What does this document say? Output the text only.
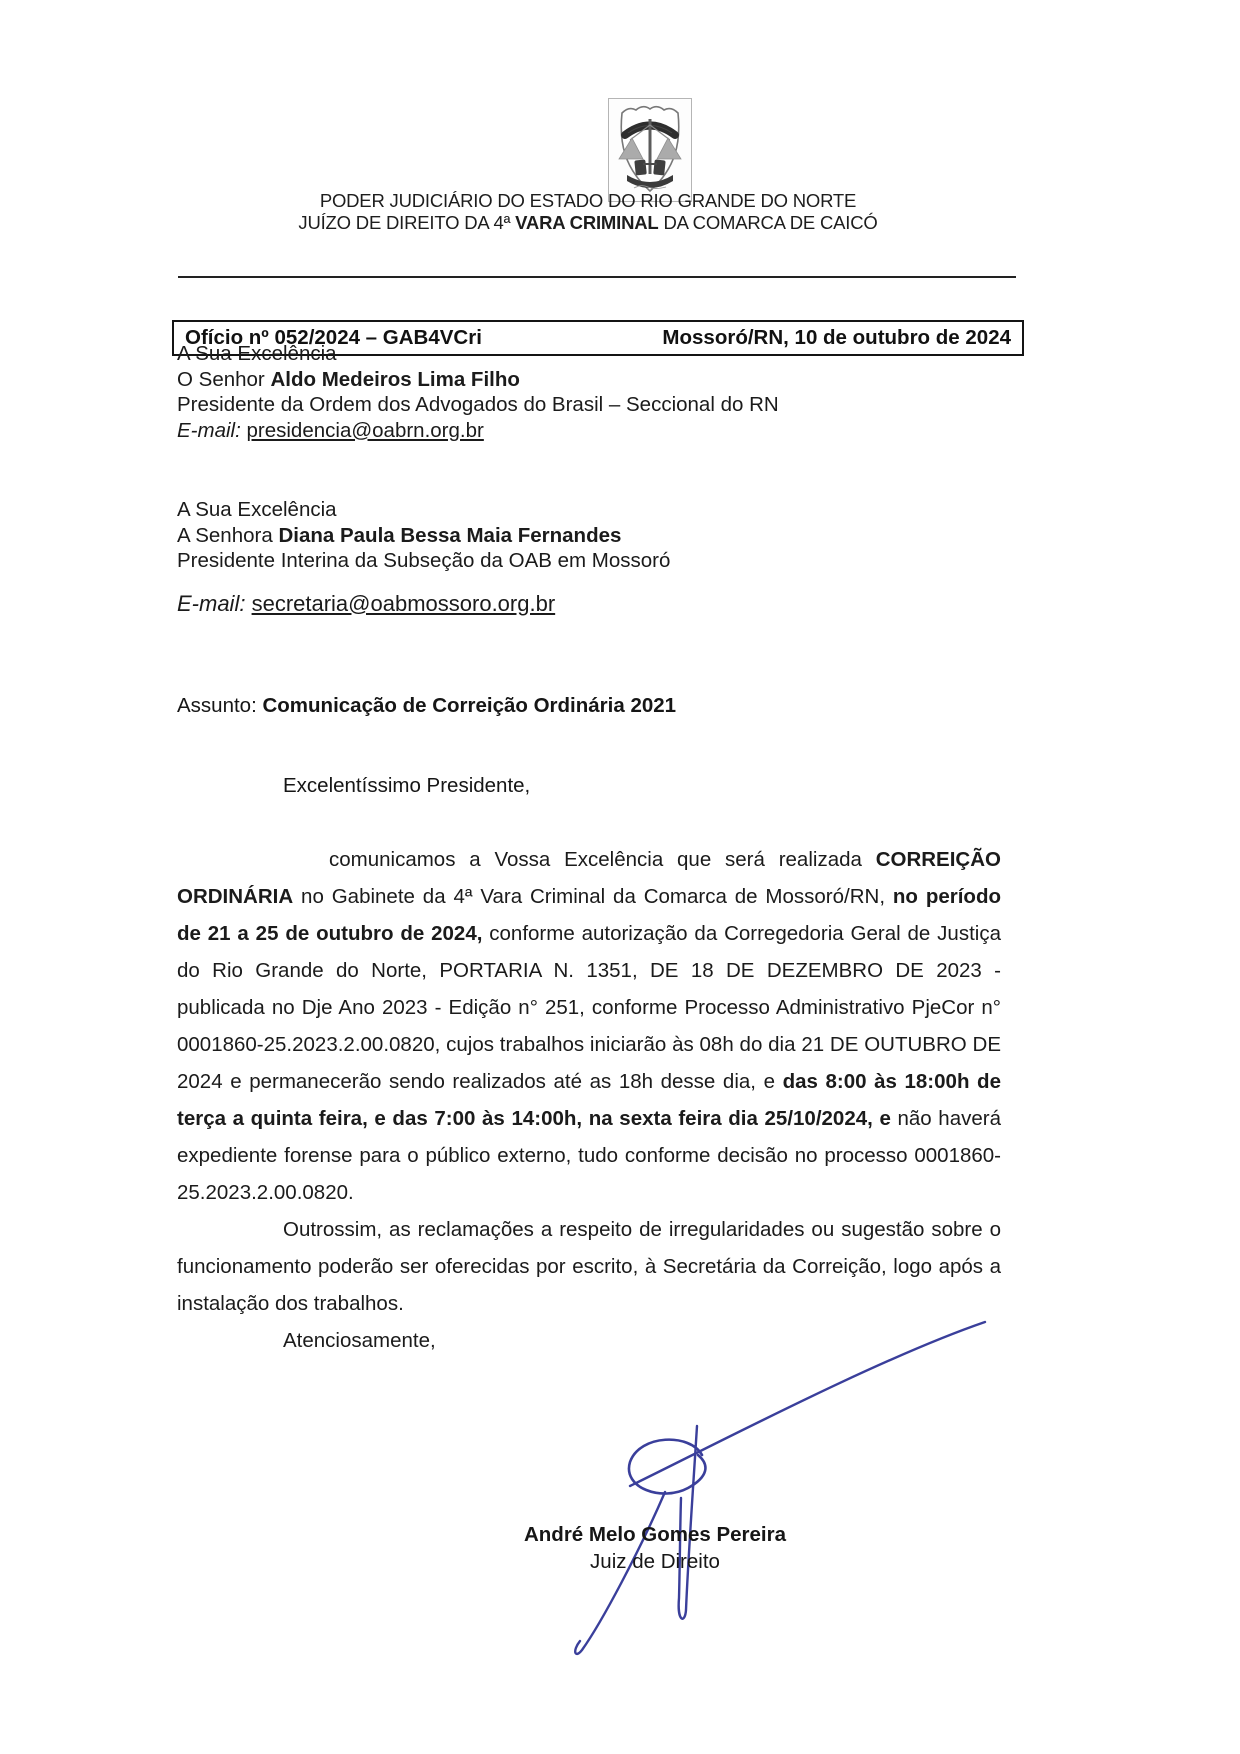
PODER JUDICIÁRIO DO ESTADO DO RIO GRANDE DO NORTE
JUÍZO DE DIREITO DA 4ª VARA CRIMINAL DA COMARCA DE CAICÓ
Ofício nº 052/2024 – GAB4VCri	Mossoró/RN, 10 de outubro de 2024
A Sua Excelência
O Senhor Aldo Medeiros Lima Filho
Presidente da Ordem dos Advogados do Brasil – Seccional do RN
E-mail: presidencia@oabrn.org.br
A Sua Excelência
A Senhora Diana Paula Bessa Maia Fernandes
Presidente Interina da Subseção da OAB em Mossoró
E-mail: secretaria@oabmossoro.org.br
Assunto: Comunicação de Correição Ordinária 2021
Excelentíssimo Presidente,

comunicamos a Vossa Excelência que será realizada CORREIÇÃO ORDINÁRIA no Gabinete da 4ª Vara Criminal da Comarca de Mossoró/RN, no período de 21 a 25 de outubro de 2024, conforme autorização da Corregedoria Geral de Justiça do Rio Grande do Norte, PORTARIA N. 1351, DE 18 DE DEZEMBRO DE 2023 - publicada no Dje Ano 2023 - Edição n° 251, conforme Processo Administrativo PjeCor n° 0001860-25.2023.2.00.0820, cujos trabalhos iniciarão às 08h do dia 21 DE OUTUBRO DE 2024 e permanecerão sendo realizados até as 18h desse dia, e das 8:00 às 18:00h de terça a quinta feira, e das 7:00 às 14:00h, na sexta feira dia 25/10/2024, e não haverá expediente forense para o público externo, tudo conforme decisão no processo 0001860-25.2023.2.00.0820.

Outrossim, as reclamações a respeito de irregularidades ou sugestão sobre o funcionamento poderão ser oferecidas por escrito, à Secretária da Correição, logo após a instalação dos trabalhos.

Atenciosamente,

André Melo Gomes Pereira
Juiz de Direito
